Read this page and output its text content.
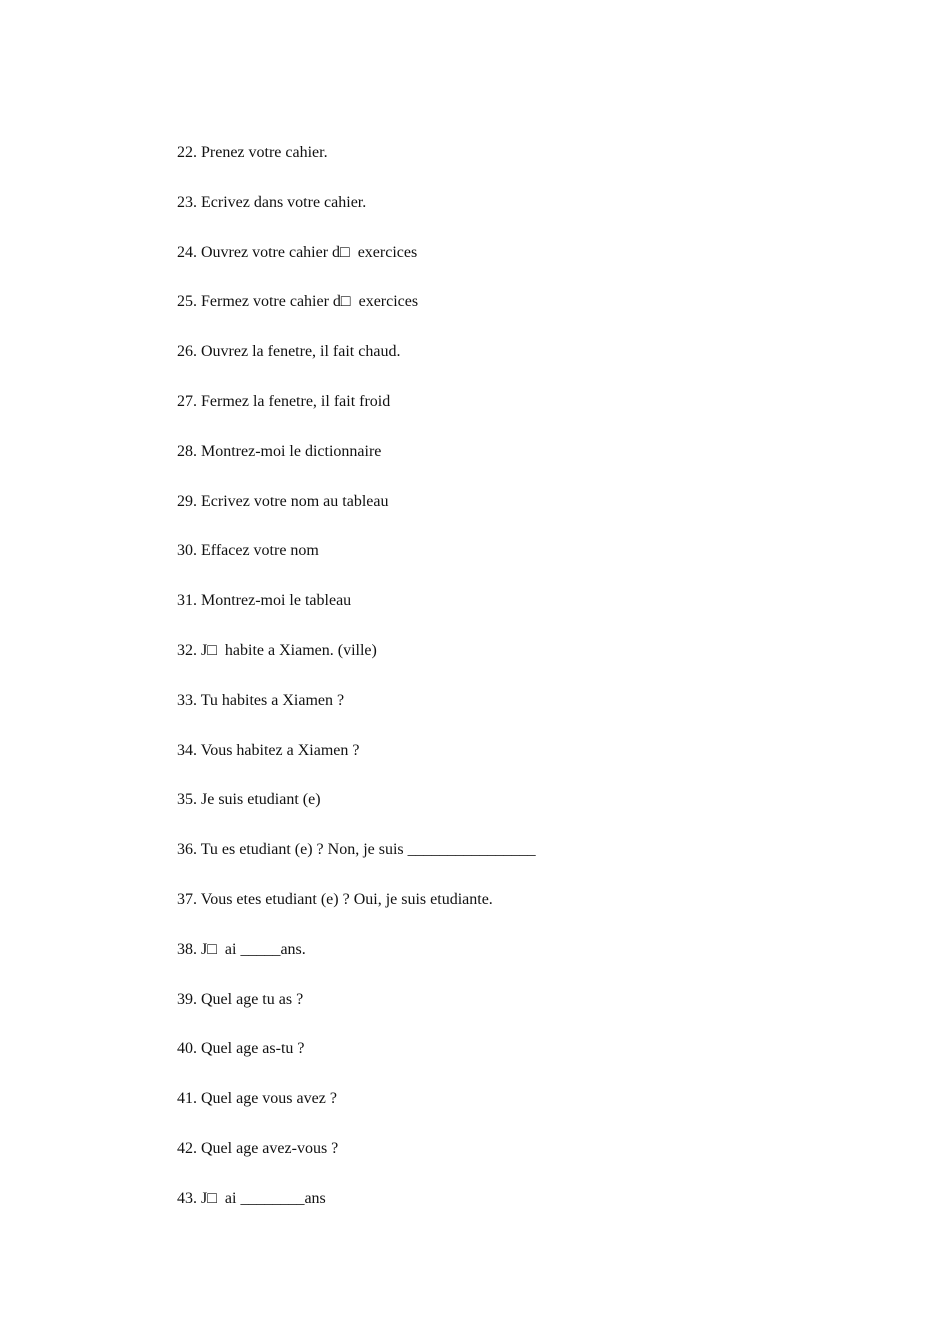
22. Prenez votre cahier.
23. Ecrivez dans votre cahier.
24. Ouvrez votre cahier d□  exercices
25. Fermez votre cahier d□  exercices
26. Ouvrez la fenetre, il fait chaud.
27. Fermez la fenetre, il fait froid
28. Montrez-moi le dictionnaire
29. Ecrivez votre nom au tableau
30. Effacez votre nom
31. Montrez-moi le tableau
32. J□  habite a Xiamen. (ville)
33. Tu habites a Xiamen ?
34. Vous habitez a Xiamen ?
35. Je suis etudiant (e)
36. Tu es etudiant (e) ? Non, je suis ________________
37. Vous etes etudiant (e) ? Oui, je suis etudiante.
38. J□  ai _____ans.
39. Quel age tu as ?
40. Quel age as-tu ?
41. Quel age vous avez ?
42. Quel age avez-vous ?
43. J□  ai ________ans
